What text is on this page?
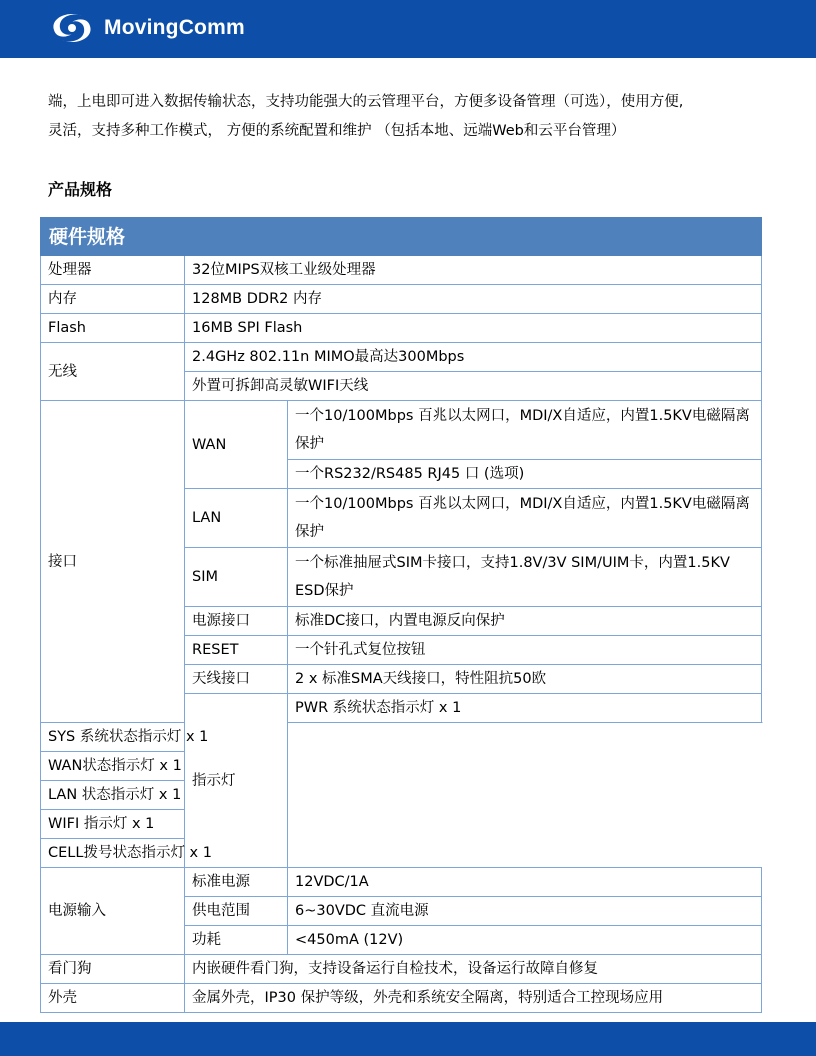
MovingComm
端，上电即可进入数据传输状态，支持功能强大的云管理平台，方便多设备管理（可选），使用方便,
灵活，支持多种工作模式， 方便的系统配置和维护 （包括本地、远端Web和云平台管理）
产品规格
硬件规格		
处理器	32位MIPS双核工业级处理器	
内存	128MB DDR2 内存	
Flash	16MB SPI Flash	
无线	2.4GHz 802.11n MIMO最高达300Mbps	
	外置可拆卸高灵敏WIFI天线	
接口	WAN	一个10/100Mbps 百兆以太网口，MDI/X自适应，内置1.5KV电磁隔离保护
		一个RS232/RS485 RJ45 口 (选项)
	LAN	一个10/100Mbps 百兆以太网口，MDI/X自适应，内置1.5KV电磁隔离保护
	SIM	一个标准抽屉式SIM卡接口，支持1.8V/3V SIM/UIM卡，内置1.5KV ESD保护
	电源接口	标准DC接口，内置电源反向保护
	RESET	一个针孔式复位按钮
	天线接口	2 x 标准SMA天线接口，特性阻抗50欧
	指示灯	PWR 系统状态指示灯 x 1
SYS 系统状态指示灯 x 1		
WAN状态指示灯 x 1		
LAN 状态指示灯 x 1		
WIFI 指示灯 x 1		
CELL拨号状态指示灯 x 1		
电源输入	标准电源	12VDC/1A
	供电范围	6~30VDC 直流电源
	功耗	<450mA (12V)
看门狗	内嵌硬件看门狗，支持设备运行自检技术，设备运行故障自修复	
外壳	金属外壳，IP30 保护等级，外壳和系统安全隔离，特别适合工控现场应用	
